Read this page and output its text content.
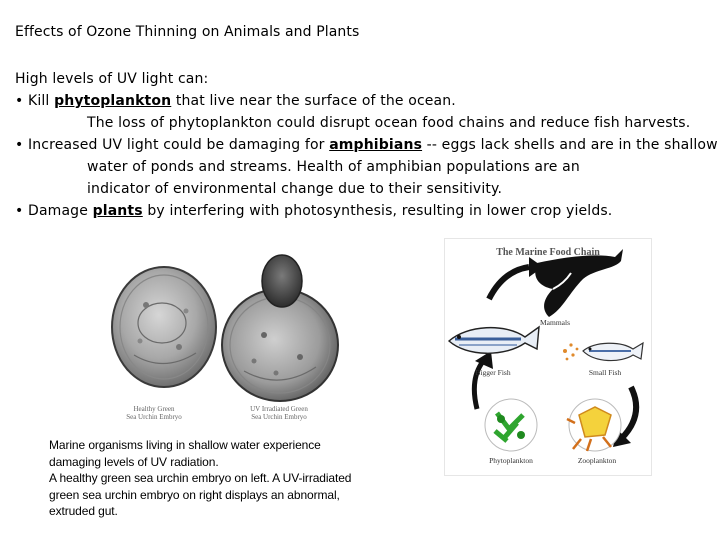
Effects of Ozone Thinning on Animals and Plants
High levels of UV light can:
• Kill phytoplankton that live near the surface of the ocean.
The loss of phytoplankton could disrupt ocean food chains and reduce fish harvests.
• Increased UV light could be damaging for amphibians -- eggs lack shells and are in the shallow
water of ponds and streams. Health of amphibian populations are an
indicator of environmental change due to their sensitivity.
• Damage plants by interfering with photosynthesis, resulting in lower crop yields.
Healthy Green
Sea Urchin Embryo
UV Irradiated Green
Sea Urchin Embryo
The Marine Food Chain
Mammals
Bigger Fish	Small Fish
Phytoplankton	Zooplankton
Marine organisms living in shallow water experience
damaging levels of UV radiation.
A healthy green sea urchin embryo on left. A UV-irradiated
green sea urchin embryo on right displays an abnormal,
extruded gut.
